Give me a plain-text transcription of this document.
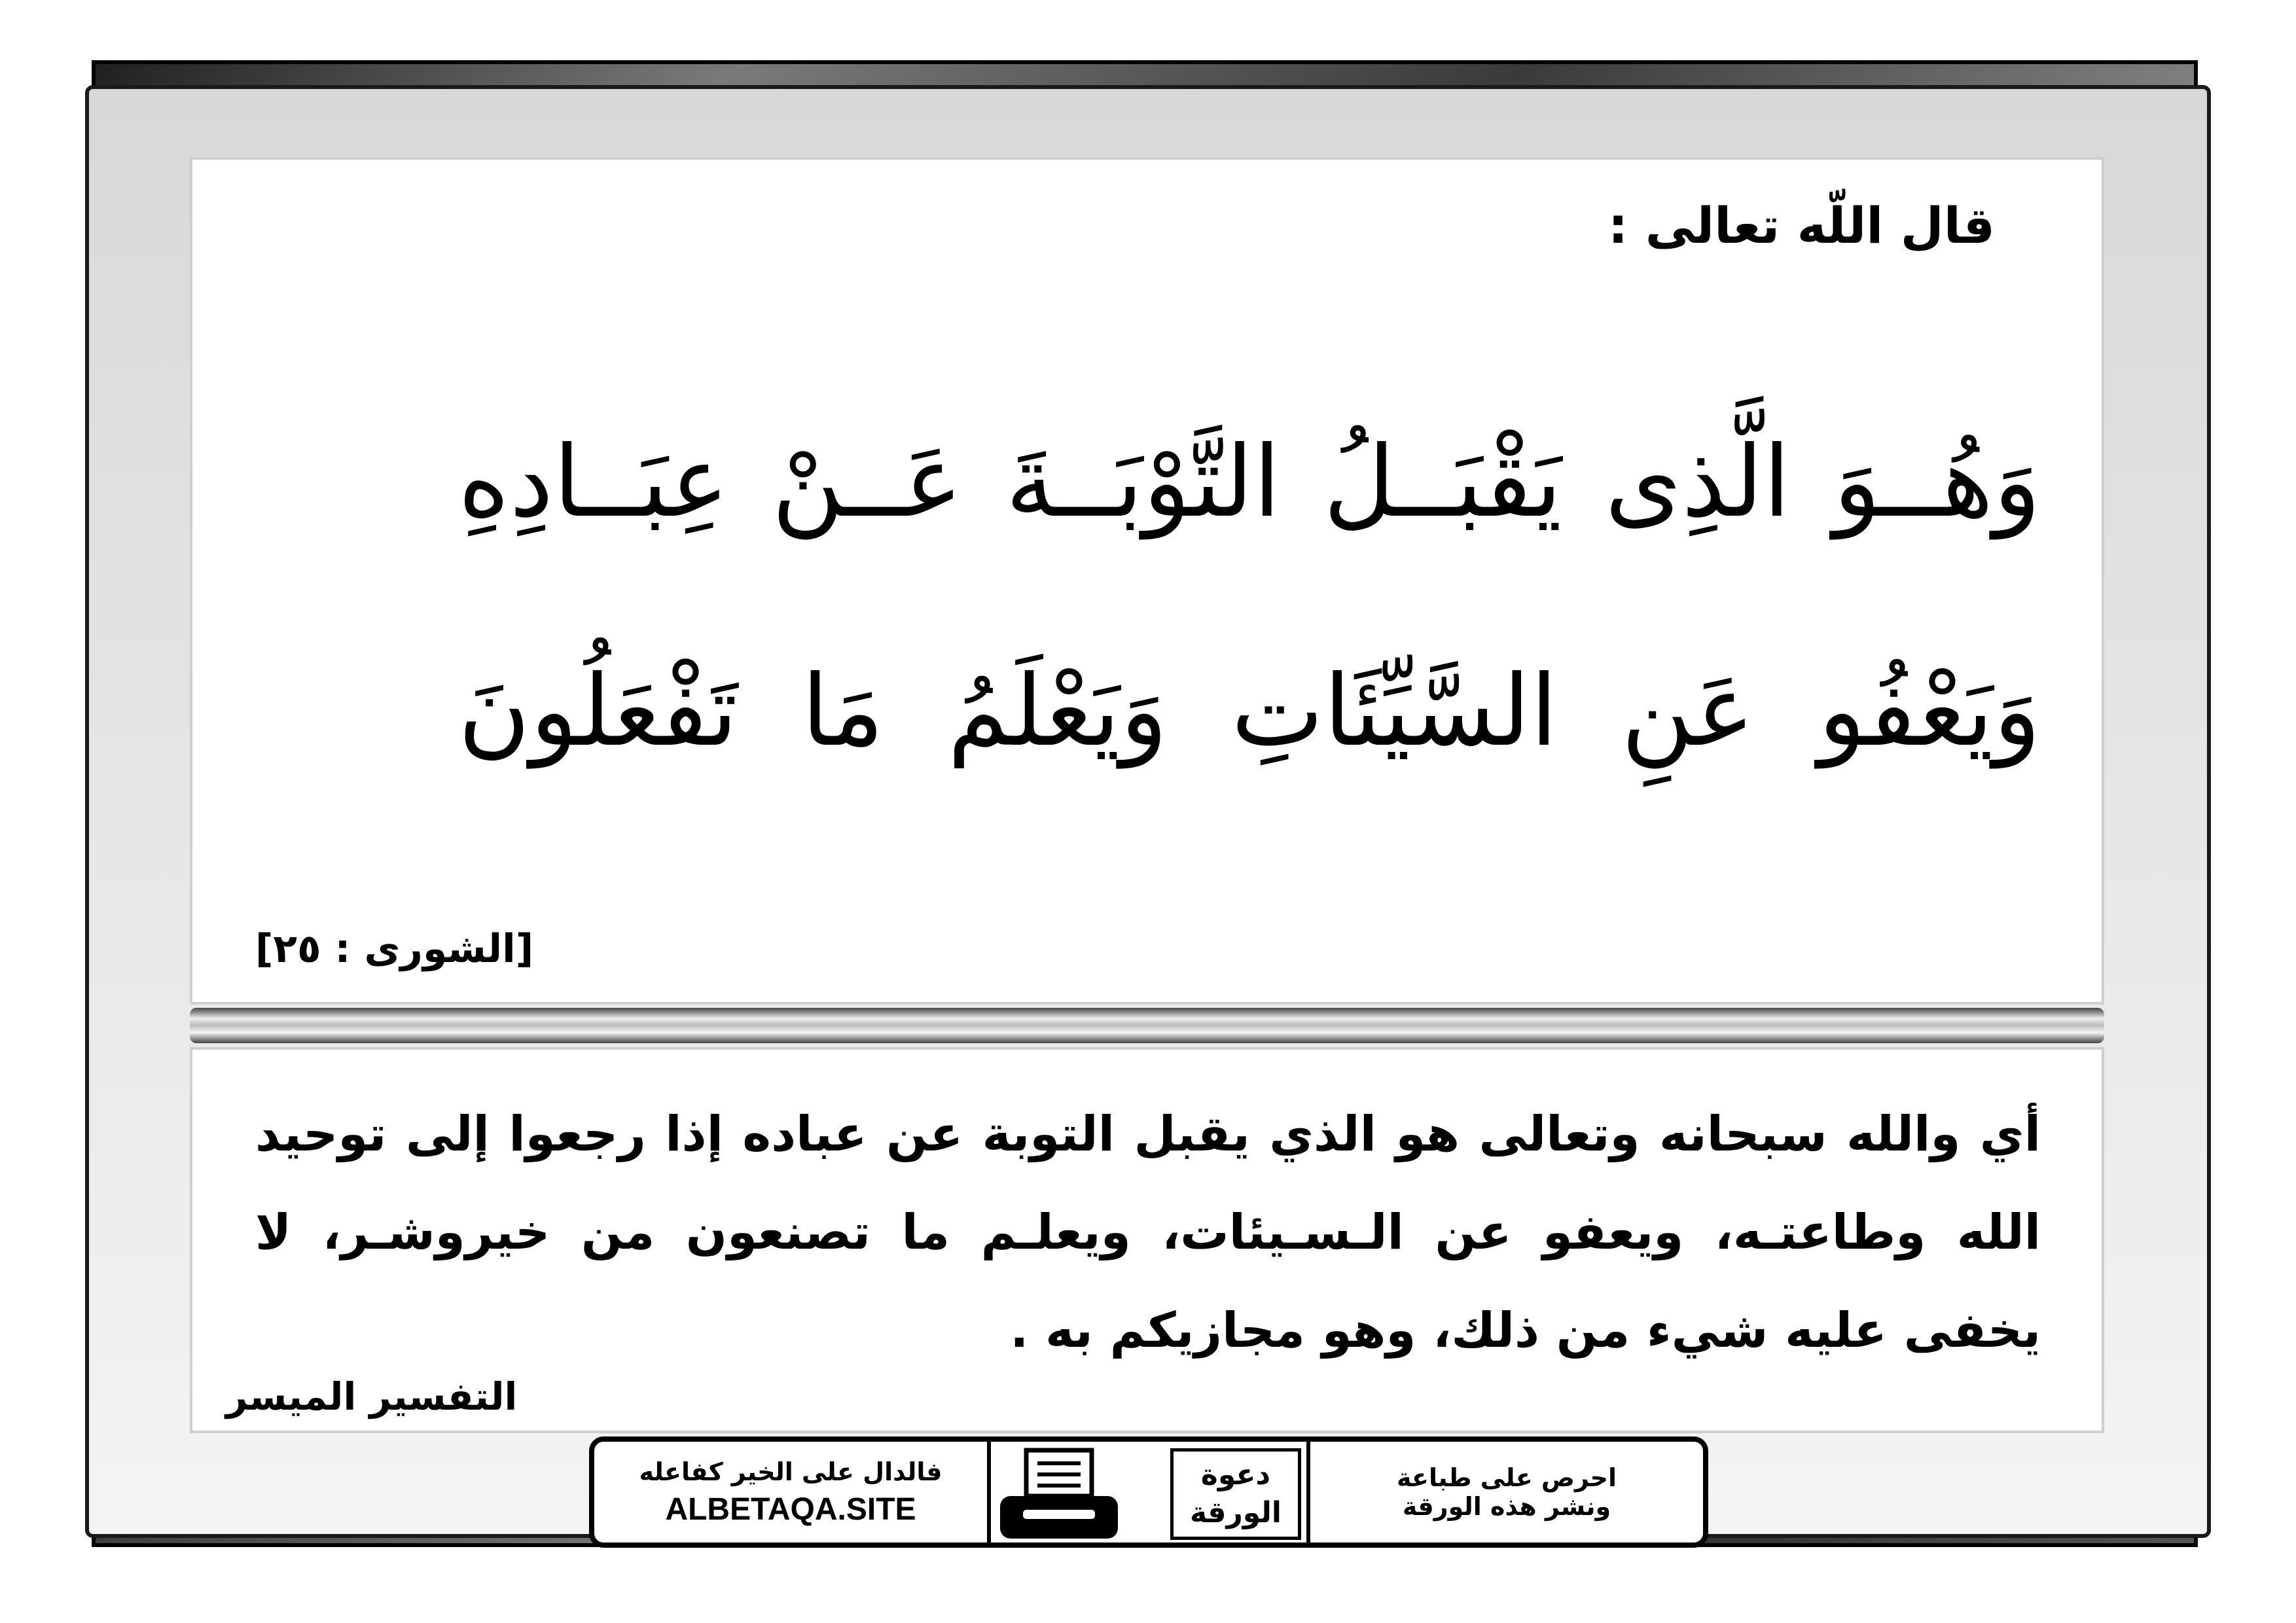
قال اللّه تعالى :
وَهُــوَ الَّذِى يَقْبَــلُ التَّوْبَــةَ عَــنْ عِبَــادِهِ
وَيَعْفُو عَنِ السَّيِّئَاتِ وَيَعْلَمُ مَا تَفْعَلُونَ
[الشورى : ٢٥]
أي والله سبحانه وتعالى هو الذي يقبل التوبة عن عباده إذا رجعوا إلى توحيد
الله وطاعتـه، ويعفو عن الـسـيئات، ويعلـم ما تصنعون من خيروشـر، لا
يخفى عليه شيء من ذلك، وهو مجازيكم به .
التفسير الميسر
فالدال على الخير كفاعله
ALBETAQA.SITE
دعوة
الورقة
احرص على طباعة
ونشر هذه الورقة
